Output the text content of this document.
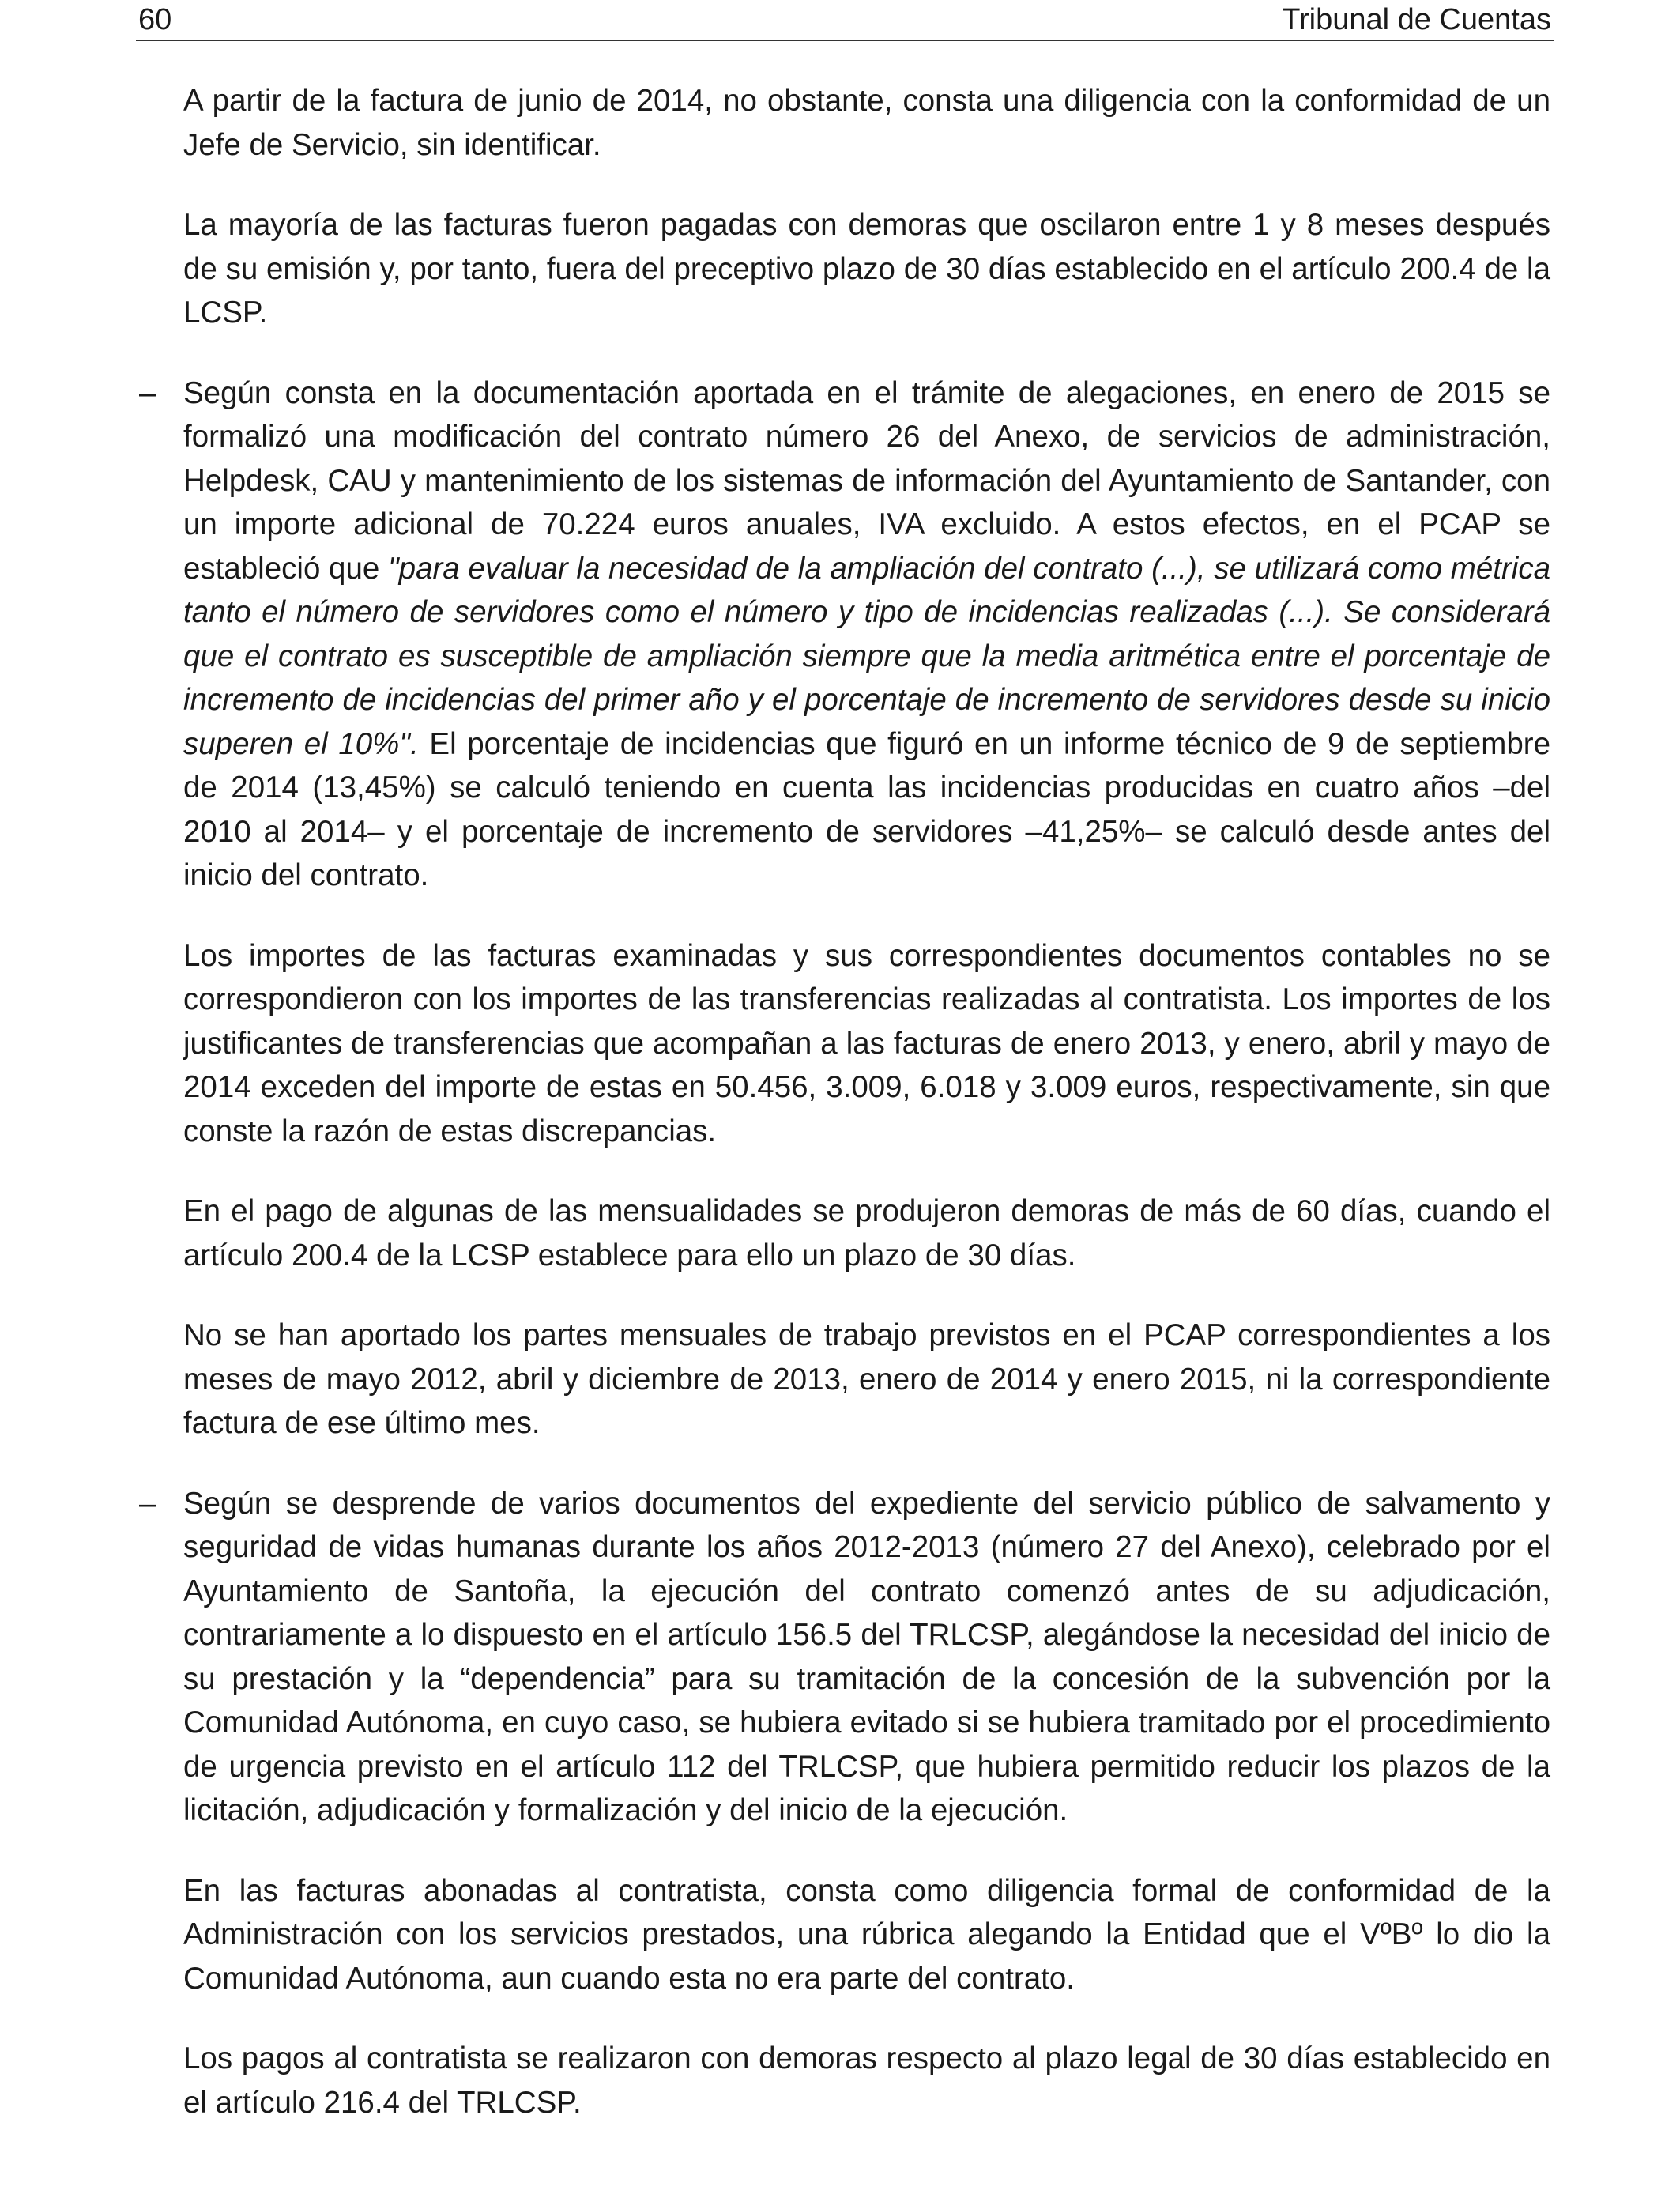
60	Tribunal de Cuentas

A partir de la factura de junio de 2014, no obstante, consta una diligencia con la conformidad de un Jefe de Servicio, sin identificar.

La mayoría de las facturas fueron pagadas con demoras que oscilaron entre 1 y 8 meses después de su emisión y, por tanto, fuera del preceptivo plazo de 30 días establecido en el artículo 200.4 de la LCSP.

– Según consta en la documentación aportada en el trámite de alegaciones, en enero de 2015 se formalizó una modificación del contrato número 26 del Anexo, de servicios de administración, Helpdesk, CAU y mantenimiento de los sistemas de información del Ayuntamiento de Santander, con un importe adicional de 70.224 euros anuales, IVA excluido. A estos efectos, en el PCAP se estableció que "para evaluar la necesidad de la ampliación del contrato (...), se utilizará como métrica tanto el número de servidores como el número y tipo de incidencias realizadas (...). Se considerará que el contrato es susceptible de ampliación siempre que la media aritmética entre el porcentaje de incremento de incidencias del primer año y el porcentaje de incremento de servidores desde su inicio superen el 10%". El porcentaje de incidencias que figuró en un informe técnico de 9 de septiembre de 2014 (13,45%) se calculó teniendo en cuenta las incidencias producidas en cuatro años –del 2010 al 2014– y el porcentaje de incremento de servidores –41,25%– se calculó desde antes del inicio del contrato.

Los importes de las facturas examinadas y sus correspondientes documentos contables no se correspondieron con los importes de las transferencias realizadas al contratista. Los importes de los justificantes de transferencias que acompañan a las facturas de enero 2013, y enero, abril y mayo de 2014 exceden del importe de estas en 50.456, 3.009, 6.018 y 3.009 euros, respectivamente, sin que conste la razón de estas discrepancias.

En el pago de algunas de las mensualidades se produjeron demoras de más de 60 días, cuando el artículo 200.4 de la LCSP establece para ello un plazo de 30 días.

No se han aportado los partes mensuales de trabajo previstos en el PCAP correspondientes a los meses de mayo 2012, abril y diciembre de 2013, enero de 2014 y enero 2015, ni la correspondiente factura de ese último mes.

– Según se desprende de varios documentos del expediente del servicio público de salvamento y seguridad de vidas humanas durante los años 2012-2013 (número 27 del Anexo), celebrado por el Ayuntamiento de Santoña, la ejecución del contrato comenzó antes de su adjudicación, contrariamente a lo dispuesto en el artículo 156.5 del TRLCSP, alegándose la necesidad del inicio de su prestación y la “dependencia” para su tramitación de la concesión de la subvención por la Comunidad Autónoma, en cuyo caso, se hubiera evitado si se hubiera tramitado por el procedimiento de urgencia previsto en el artículo 112 del TRLCSP, que hubiera permitido reducir los plazos de la licitación, adjudicación y formalización y del inicio de la ejecución.

En las facturas abonadas al contratista, consta como diligencia formal de conformidad de la Administración con los servicios prestados, una rúbrica alegando la Entidad que el VºBº lo dio la Comunidad Autónoma, aun cuando esta no era parte del contrato.

Los pagos al contratista se realizaron con demoras respecto al plazo legal de 30 días establecido en el artículo 216.4 del TRLCSP.
